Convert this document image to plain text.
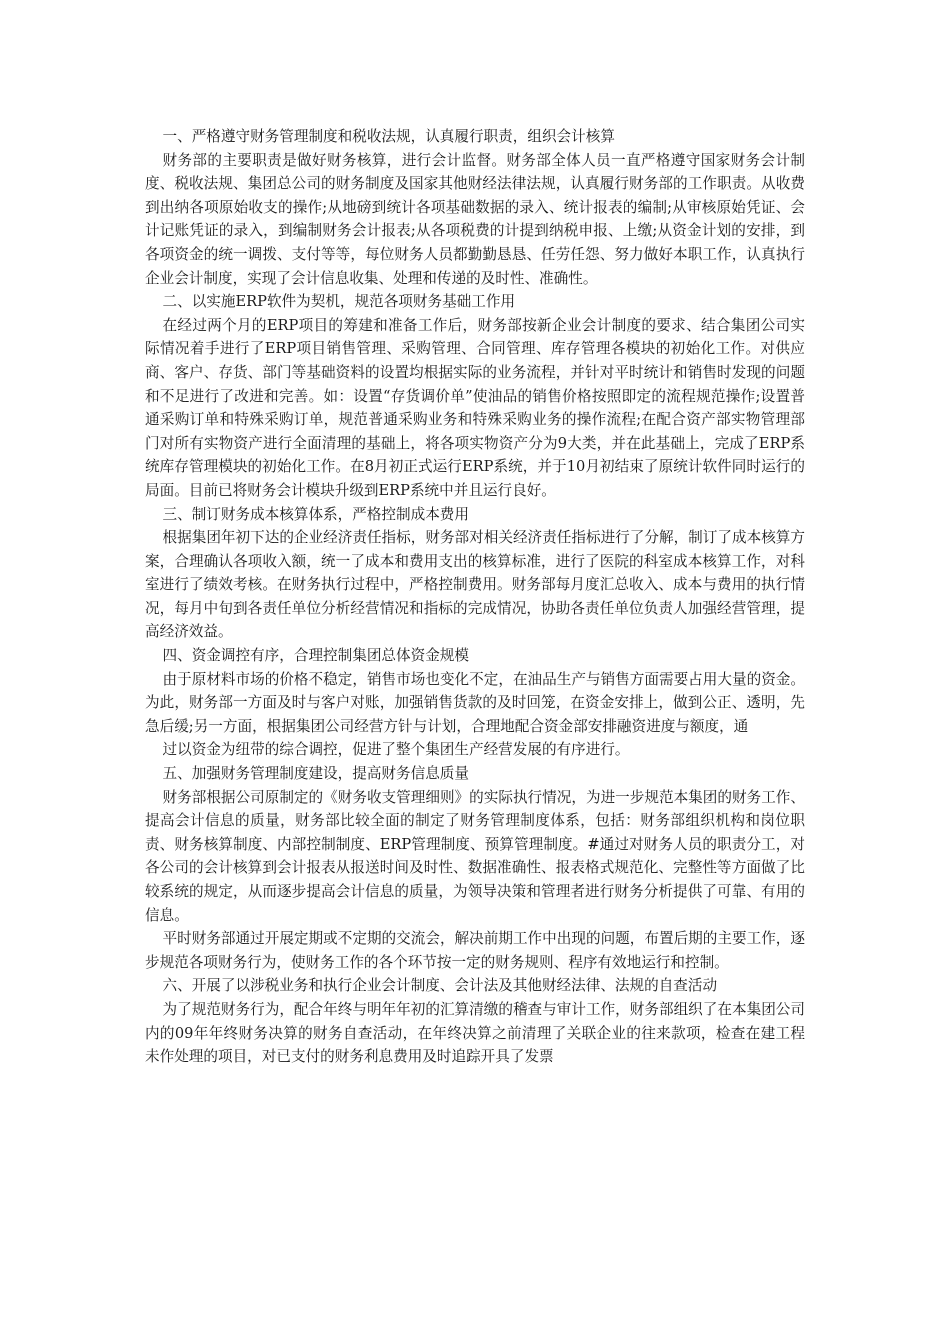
一、严格遵守财务管理制度和税收法规，认真履行职责，组织会计核算

财务部的主要职责是做好财务核算，进行会计监督。财务部全体人员一直严格遵守国家财务会计制度、税收法规、集团总公司的财务制度及国家其他财经法律法规，认真履行财务部的工作职责。从收费到出纳各项原始收支的操作;从地磅到统计各项基础数据的录入、统计报表的编制;从审核原始凭证、会计记账凭证的录入，到编制财务会计报表;从各项税费的计提到纳税申报、上缴;从资金计划的安排，到各项资金的统一调拨、支付等等，每位财务人员都勤勤恳恳、任劳任怨、努力做好本职工作，认真执行企业会计制度，实现了会计信息收集、处理和传递的及时性、准确性。

二、以实施ERP软件为契机，规范各项财务基础工作用

在经过两个月的ERP项目的筹建和准备工作后，财务部按新企业会计制度的要求、结合集团公司实际情况着手进行了ERP项目销售管理、采购管理、合同管理、库存管理各模块的初始化工作。对供应商、客户、存货、部门等基础资料的设置均根据实际的业务流程，并针对平时统计和销售时发现的问题和不足进行了改进和完善。如：设置“存货调价单”使油品的销售价格按照即定的流程规范操作;设置普通采购订单和特殊采购订单，规范普通采购业务和特殊采购业务的操作流程;在配合资产部实物管理部门对所有实物资产进行全面清理的基础上，将各项实物资产分为9大类，并在此基础上，完成了ERP系统库存管理模块的初始化工作。在8月初正式运行ERP系统，并于10月初结束了原统计软件同时运行的局面。目前已将财务会计模块升级到ERP系统中并且运行良好。

三、制订财务成本核算体系，严格控制成本费用

根据集团年初下达的企业经济责任指标，财务部对相关经济责任指标进行了分解，制订了成本核算方案，合理确认各项收入额，统一了成本和费用支出的核算标准，进行了医院的科室成本核算工作，对科室进行了绩效考核。在财务执行过程中，严格控制费用。财务部每月度汇总收入、成本与费用的执行情况，每月中旬到各责任单位分析经营情况和指标的完成情况，协助各责任单位负责人加强经营管理，提高经济效益。

四、资金调控有序，合理控制集团总体资金规模

由于原材料市场的价格不稳定，销售市场也变化不定，在油品生产与销售方面需要占用大量的资金。为此，财务部一方面及时与客户对账，加强销售货款的及时回笼，在资金安排上，做到公正、透明，先急后缓;另一方面，根据集团公司经营方针与计划，合理地配合资金部安排融资进度与额度，通

过以资金为纽带的综合调控，促进了整个集团生产经营发展的有序进行。

五、加强财务管理制度建设，提高财务信息质量

财务部根据公司原制定的《财务收支管理细则》的实际执行情况，为进一步规范本集团的财务工作、提高会计信息的质量，财务部比较全面的制定了财务管理制度体系，包括：财务部组织机构和岗位职责、财务核算制度、内部控制制度、ERP管理制度、预算管理制度。#通过对财务人员的职责分工，对各公司的会计核算到会计报表从报送时间及时性、数据准确性、报表格式规范化、完整性等方面做了比较系统的规定，从而逐步提高会计信息的质量，为领导决策和管理者进行财务分析提供了可靠、有用的信息。

平时财务部通过开展定期或不定期的交流会，解决前期工作中出现的问题，布置后期的主要工作，逐步规范各项财务行为，使财务工作的各个环节按一定的财务规则、程序有效地运行和控制。

六、开展了以涉税业务和执行企业会计制度、会计法及其他财经法律、法规的自查活动

为了规范财务行为，配合年终与明年年初的汇算清缴的稽查与审计工作，财务部组织了在本集团公司内的09年年终财务决算的财务自查活动，在年终决算之前清理了关联企业的往来款项，检查在建工程未作处理的项目，对已支付的财务利息费用及时追踪开具了发票
